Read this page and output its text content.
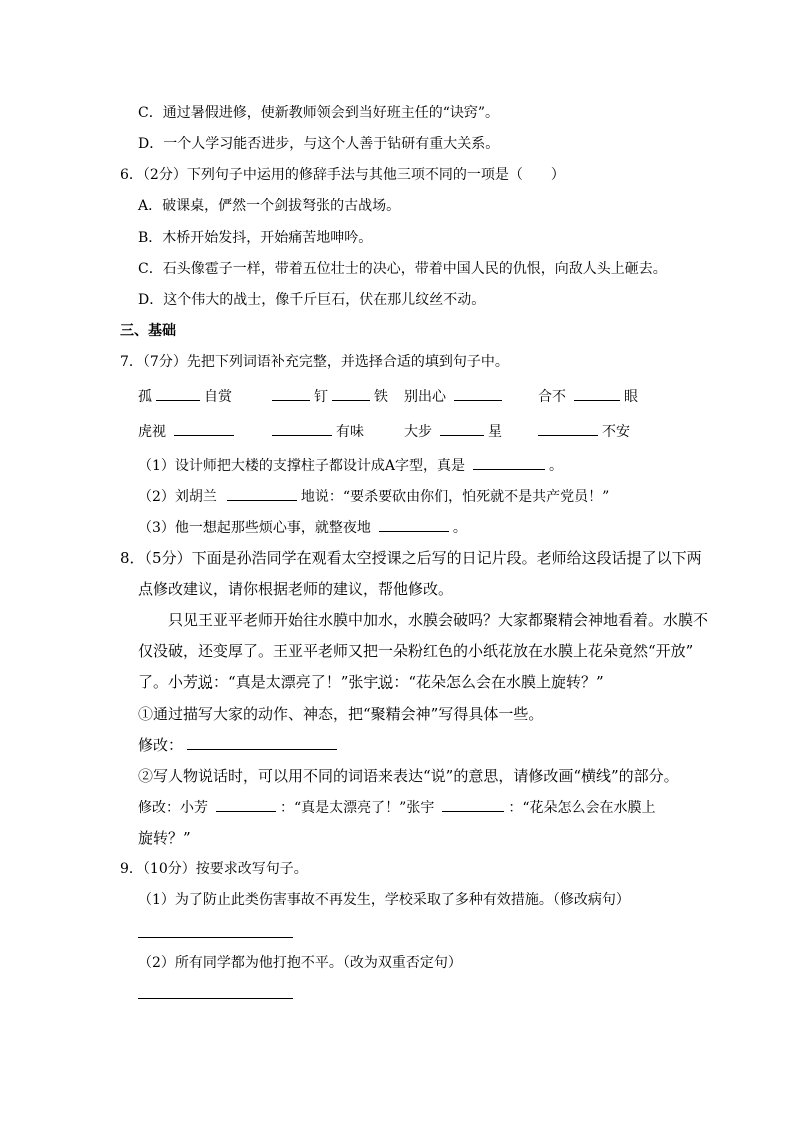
C．通过暑假进修，使新教师领会到当好班主任的“诀窍”。
D．一个人学习能否进步，与这个人善于钻研有重大关系。
6．（2分）下列句子中运用的修辞手法与其他三项不同的一项是（　　）
A．破课桌，俨然一个剑拔弩张的古战场。
B．木桥开始发抖，开始痛苦地呻吟。
C．石头像雹子一样，带着五位壮士的决心，带着中国人民的仇恨，向敌人头上砸去。
D．这个伟大的战士，像千斤巨石，伏在那儿纹丝不动。
三、基础
7．（7分）先把下列词语补充完整，并选择合适的填到句子中。
孤	自赏	钉	铁 别出心	合不	眼
虎视	有味	大步	星	不安
（1）设计师把大楼的支撑柱子都设计成A字型，真是	。
（2）刘胡兰	地说：“要杀要砍由你们，怕死就不是共产党员！”
（3）他一想起那些烦心事，就整夜地	。
8．（5分）下面是孙浩同学在观看太空授课之后写的日记片段。老师给这段话提了以下两
点修改建议，请你根据老师的建议，帮他修改。
只见王亚平老师开始往水膜中加水，水膜会破吗？大家都聚精会神地看着。水膜不
仅没破，还变厚了。王亚平老师又把一朵粉红色的小纸花放在水膜上花朵竟然“开放”
了。小芳说：“真是太漂亮了！”张宇说：“花朵怎么会在水膜上旋转？”
①通过描写大家的动作、神态，把“聚精会神”写得具体一些。
修改：
②写人物说话时，可以用不同的词语来表达“说”的意思，请修改画“横线”的部分。
修改：小芳	：“真是太漂亮了！”张宇	：“花朵怎么会在水膜上
旋转？”
9．（10分）按要求改写句子。
（1）为了防止此类伤害事故不再发生，学校采取了多种有效措施。（修改病句）
（2）所有同学都为他打抱不平。（改为双重否定句）
